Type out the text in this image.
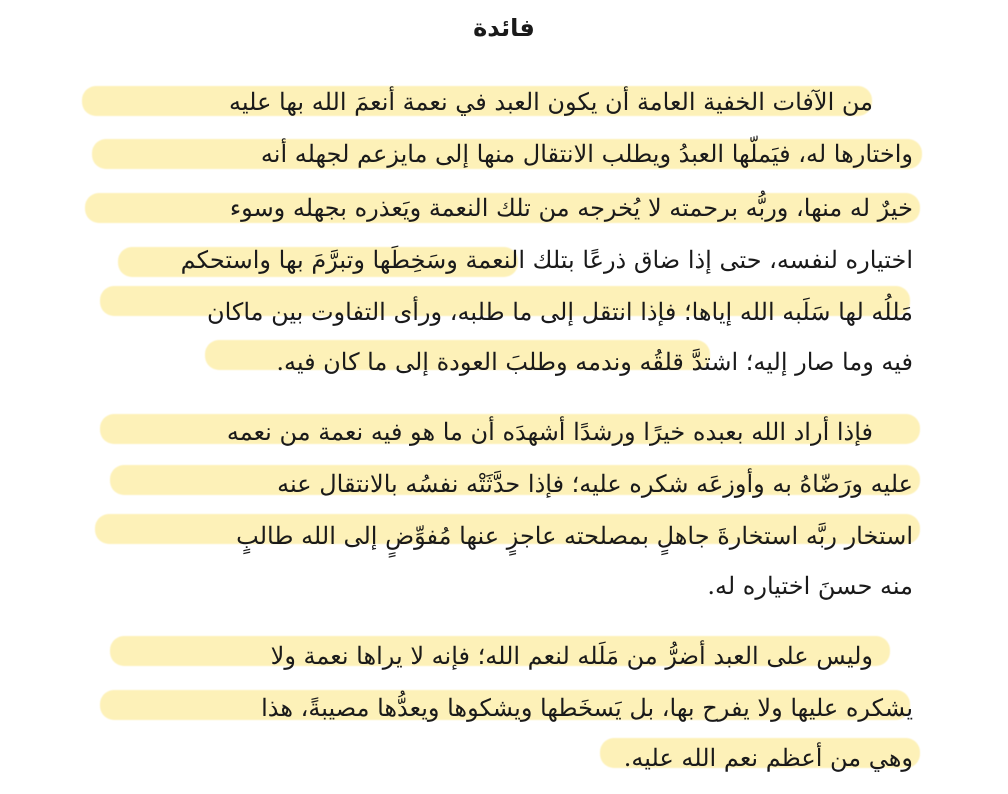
فائدة
من الآفات الخفية العامة أن يكون العبد في نعمة أنعمَ الله بها عليه
واختارها له، فيَملّها العبدُ ويطلب الانتقال منها إلى مايزعم لجهله أنه
خيرٌ له منها، وربُّه برحمته لا يُخرجه من تلك النعمة ويَعذره بجهله وسوء
اختياره لنفسه، حتى إذا ضاق ذرعًا بتلك النعمة وسَخِطَها وتبرَّمَ بها واستحكم
مَللُه لها سَلَبه الله إياها؛ فإذا انتقل إلى ما طلبه، ورأى التفاوت بين ماكان
فيه وما صار إليه؛ اشتدَّ قلقُه وندمه وطلبَ العودة إلى ما كان فيه.
فإذا أراد الله بعبده خيرًا ورشدًا أشهدَه أن ما هو فيه نعمة من نعمه
عليه ورَضّاهُ به وأوزعَه شكره عليه؛ فإذا حدَّثَتْه نفسُه بالانتقال عنه
استخار ربَّه استخارةَ جاهلٍ بمصلحته عاجزٍ عنها مُفوِّضٍ إلى الله طالبٍ
منه حسنَ اختياره له.
وليس على العبد أضرُّ من مَلَله لنعم الله؛ فإنه لا يراها نعمة ولا
يشكره عليها ولا يفرح بها، بل يَسخَطها ويشكوها ويعدُّها مصيبةً، هذا
وهي من أعظم نعم الله عليه.
